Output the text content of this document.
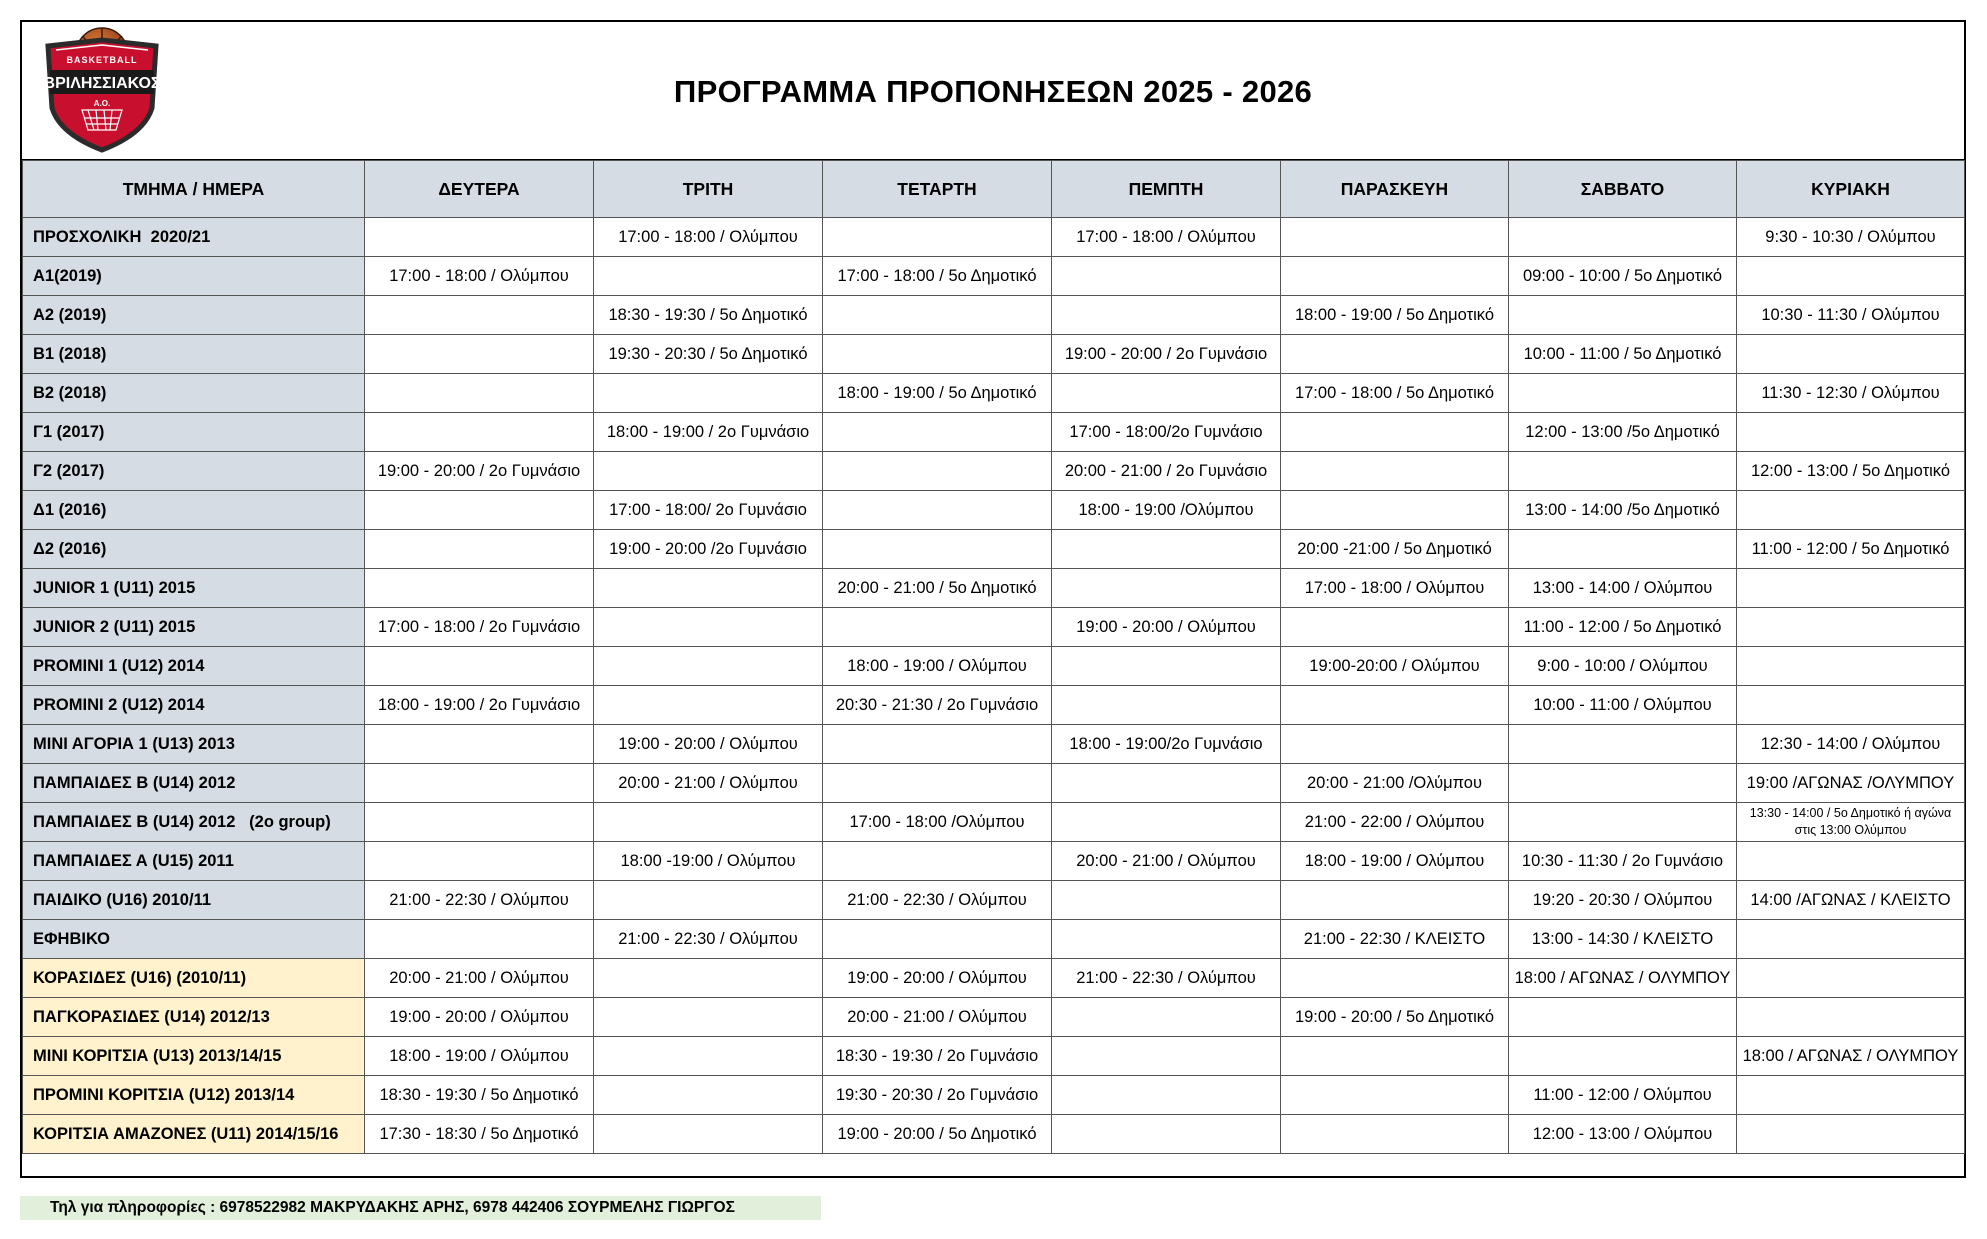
BASKETBALL
ΒΡΙΛΗΣΣΙΑΚΟΣ
Α.Ο.	ΠΡΟΓΡΑΜΜΑ ΠΡΟΠΟΝΗΣΕΩΝ 2025 - 2026
ΤΜΗΜΑ / ΗΜΕΡΑ	ΔΕΥΤΕΡΑ	ΤΡΙΤΗ	ΤΕΤΑΡΤΗ	ΠΕΜΠΤΗ	ΠΑΡΑΣΚΕΥΗ	ΣΑΒΒΑΤΟ	ΚΥΡΙΑΚΗ
ΠΡΟΣΧΟΛΙΚΗ  2020/21		17:00 - 18:00 / Ολύμπου		17:00 - 18:00 / Ολύμπου			9:30 - 10:30 / Ολύμπου
Α1(2019)	17:00 - 18:00 / Ολύμπου		17:00 - 18:00 / 5ο Δημοτικό			09:00 - 10:00 / 5ο Δημοτικό	
Α2 (2019)		18:30 - 19:30 / 5ο Δημοτικό			18:00 - 19:00 / 5ο Δημοτικό		10:30 - 11:30 / Ολύμπου
Β1 (2018)		19:30 - 20:30 / 5ο Δημοτικό		19:00 - 20:00 / 2ο Γυμνάσιο		10:00 - 11:00 / 5ο Δημοτικό	
Β2 (2018)			18:00 - 19:00 / 5ο Δημοτικό		17:00 - 18:00 / 5ο Δημοτικό		11:30 - 12:30 / Ολύμπου
Γ1 (2017)		18:00 - 19:00 / 2ο Γυμνάσιο		17:00 - 18:00/2ο Γυμνάσιο		12:00 - 13:00 /5ο Δημοτικό	
Γ2 (2017)	19:00 - 20:00 / 2ο Γυμνάσιο			20:00 - 21:00 / 2ο Γυμνάσιο			12:00 - 13:00 / 5ο Δημοτικό
Δ1 (2016)		17:00 - 18:00/ 2ο Γυμνάσιο		18:00 - 19:00 /Ολύμπου		13:00 - 14:00 /5ο Δημοτικό	
Δ2 (2016)		19:00 - 20:00 /2ο Γυμνάσιο			20:00 -21:00 / 5ο Δημοτικό		11:00 - 12:00 / 5ο Δημοτικό
JUNIOR 1 (U11) 2015			20:00 - 21:00 / 5ο Δημοτικό		17:00 - 18:00 / Ολύμπου	13:00 - 14:00 / Ολύμπου	
JUNIOR 2 (U11) 2015	17:00 - 18:00 / 2ο Γυμνάσιο			19:00 - 20:00 / Ολύμπου		11:00 - 12:00 / 5ο Δημοτικό	
PROMINI 1 (U12) 2014			18:00 - 19:00 / Ολύμπου		19:00-20:00 / Ολύμπου	9:00 - 10:00 / Ολύμπου	
PROMINI 2 (U12) 2014	18:00 - 19:00 / 2ο Γυμνάσιο		20:30 - 21:30 / 2ο Γυμνάσιο			10:00 - 11:00 / Ολύμπου	
ΜΙΝΙ ΑΓΟΡΙΑ 1 (U13) 2013		19:00 - 20:00 / Ολύμπου		18:00 - 19:00/2ο Γυμνάσιο			12:30 - 14:00 / Ολύμπου
ΠΑΜΠΑΙΔΕΣ Β (U14) 2012		20:00 - 21:00 / Ολύμπου			20:00 - 21:00 /Ολύμπου		19:00 /ΑΓΩΝΑΣ /ΟΛΥΜΠΟΥ
ΠΑΜΠΑΙΔΕΣ Β (U14) 2012   (2ο group)			17:00 - 18:00 /Ολύμπου		21:00 - 22:00 / Ολύμπου		13:30 - 14:00 / 5ο Δημοτικό ή αγώνα στις 13:00 Ολύμπου
ΠΑΜΠΑΙΔΕΣ Α (U15) 2011		18:00 -19:00 / Ολύμπου		20:00 - 21:00 / Ολύμπου	18:00 - 19:00 / Ολύμπου	10:30 - 11:30 / 2ο Γυμνάσιο	
ΠΑΙΔΙΚΟ (U16) 2010/11	21:00 - 22:30 / Ολύμπου		21:00 - 22:30 / Ολύμπου			19:20 - 20:30 / Ολύμπου	14:00 /ΑΓΩΝΑΣ / ΚΛΕΙΣΤΟ
ΕΦΗΒΙΚΟ		21:00 - 22:30 / Ολύμπου			21:00 - 22:30 / ΚΛΕΙΣΤΟ	13:00 - 14:30 / ΚΛΕΙΣΤΟ	
ΚΟΡΑΣΙΔΕΣ (U16) (2010/11)	20:00 - 21:00 / Ολύμπου		19:00 - 20:00 / Ολύμπου	21:00 - 22:30 / Ολύμπου		18:00 / ΑΓΩΝΑΣ / ΟΛΥΜΠΟΥ	
ΠΑΓΚΟΡΑΣΙΔΕΣ (U14) 2012/13	19:00 - 20:00 / Ολύμπου		20:00 - 21:00 / Ολύμπου		19:00 - 20:00 / 5ο Δημοτικό		
ΜΙΝΙ ΚΟΡΙΤΣΙΑ (U13) 2013/14/15	18:00 - 19:00 / Ολύμπου		18:30 - 19:30 / 2ο Γυμνάσιο				18:00 / ΑΓΩΝΑΣ / ΟΛΥΜΠΟΥ
ΠΡΟΜΙΝΙ ΚΟΡΙΤΣΙΑ (U12) 2013/14	18:30 - 19:30 / 5ο Δημοτικό		19:30 - 20:30 / 2ο Γυμνάσιο			11:00 - 12:00 / Ολύμπου	
ΚΟΡΙΤΣΙΑ ΑΜΑΖΟΝΕΣ (U11) 2014/15/16	17:30 - 18:30 / 5ο Δημοτικό		19:00 - 20:00 / 5ο Δημοτικό			12:00 - 13:00 / Ολύμπου	
Τηλ για πληροφορίες : 6978522982 ΜΑΚΡΥΔΑΚΗΣ ΑΡΗΣ, 6978 442406 ΣΟΥΡΜΕΛΗΣ ΓΙΩΡΓΟΣ
